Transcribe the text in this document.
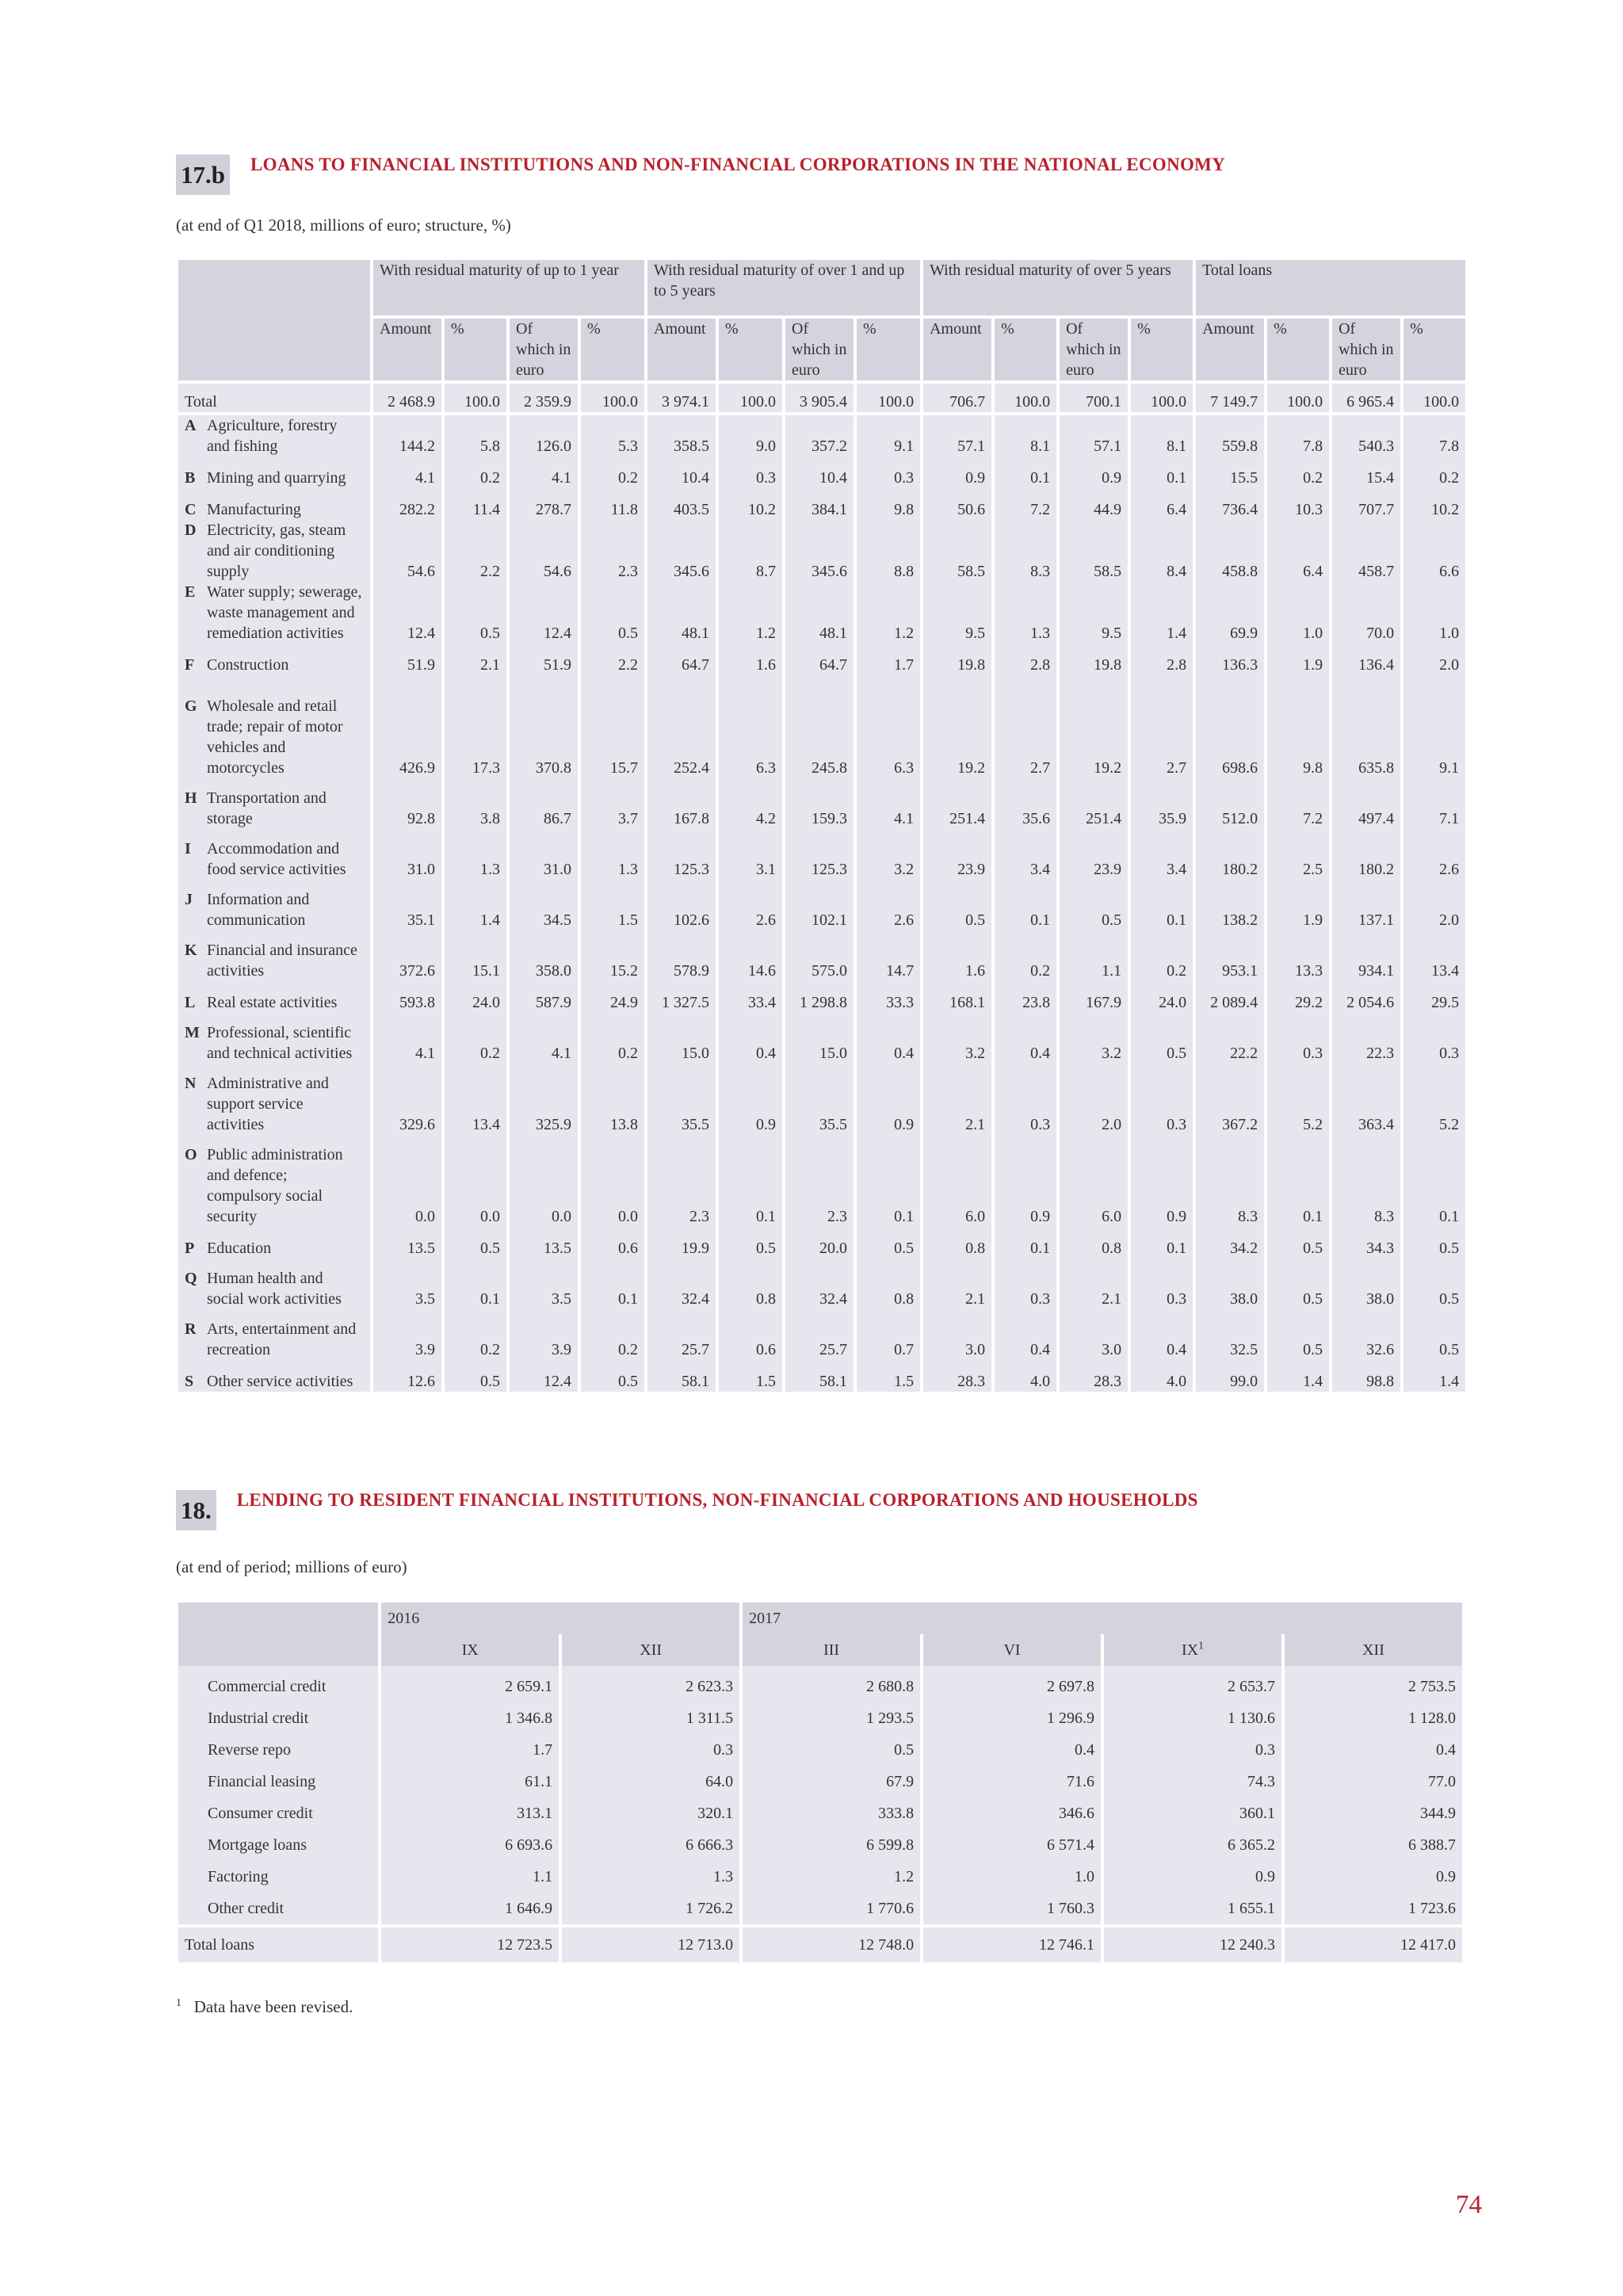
17.b LOANS TO FINANCIAL INSTITUTIONS AND NON-FINANCIAL CORPORATIONS IN THE NATIONAL ECONOMY
(at end of Q1 2018, millions of euro; structure, %)
	With residual maturity of up to 1 year				With residual maturity of over 1 and up to 5 years				With residual maturity of over 5 years				Total loans			
	Amount	%	Of which in euro	%	Amount	%	Of which in euro	%	Amount	%	Of which in euro	%	Amount	%	Of which in euro	%

Total	2 468.9	100.0	2 359.9	100.0	3 974.1	100.0	3 905.4	100.0	706.7	100.0	700.1	100.0	7 149.7	100.0	6 965.4	100.0

A Agriculture, forestry and fishing	144.2	5.8	126.0	5.3	358.5	9.0	357.2	9.1	57.1	8.1	57.1	8.1	559.8	7.8	540.3	7.8

B Mining and quarrying	4.1	0.2	4.1	0.2	10.4	0.3	10.4	0.3	0.9	0.1	0.9	0.1	15.5	0.2	15.4	0.2

C Manufacturing	282.2	11.4	278.7	11.8	403.5	10.2	384.1	9.8	50.6	7.2	44.9	6.4	736.4	10.3	707.7	10.2

D Electricity, gas, steam and air conditioning supply	54.6	2.2	54.6	2.3	345.6	8.7	345.6	8.8	58.5	8.3	58.5	8.4	458.8	6.4	458.7	6.6

E Water supply; sewerage, waste management and remediation activities	12.4	0.5	12.4	0.5	48.1	1.2	48.1	1.2	9.5	1.3	9.5	1.4	69.9	1.0	70.0	1.0

F Construction	51.9	2.1	51.9	2.2	64.7	1.6	64.7	1.7	19.8	2.8	19.8	2.8	136.3	1.9	136.4	2.0

G Wholesale and retail trade; repair of motor vehicles and motorcycles	426.9	17.3	370.8	15.7	252.4	6.3	245.8	6.3	19.2	2.7	19.2	2.7	698.6	9.8	635.8	9.1

H Transportation and storage	92.8	3.8	86.7	3.7	167.8	4.2	159.3	4.1	251.4	35.6	251.4	35.9	512.0	7.2	497.4	7.1

I Accommodation and food service activities	31.0	1.3	31.0	1.3	125.3	3.1	125.3	3.2	23.9	3.4	23.9	3.4	180.2	2.5	180.2	2.6

J Information and communication	35.1	1.4	34.5	1.5	102.6	2.6	102.1	2.6	0.5	0.1	0.5	0.1	138.2	1.9	137.1	2.0

K Financial and insurance activities	372.6	15.1	358.0	15.2	578.9	14.6	575.0	14.7	1.6	0.2	1.1	0.2	953.1	13.3	934.1	13.4

L Real estate activities	593.8	24.0	587.9	24.9	1 327.5	33.4	1 298.8	33.3	168.1	23.8	167.9	24.0	2 089.4	29.2	2 054.6	29.5

M Professional, scientific and technical activities	4.1	0.2	4.1	0.2	15.0	0.4	15.0	0.4	3.2	0.4	3.2	0.5	22.2	0.3	22.3	0.3

N Administrative and support service activities	329.6	13.4	325.9	13.8	35.5	0.9	35.5	0.9	2.1	0.3	2.0	0.3	367.2	5.2	363.4	5.2

O Public administration and defence; compulsory social security	0.0	0.0	0.0	0.0	2.3	0.1	2.3	0.1	6.0	0.9	6.0	0.9	8.3	0.1	8.3	0.1

P Education	13.5	0.5	13.5	0.6	19.9	0.5	20.0	0.5	0.8	0.1	0.8	0.1	34.2	0.5	34.3	0.5

Q Human health and social work activities	3.5	0.1	3.5	0.1	32.4	0.8	32.4	0.8	2.1	0.3	2.1	0.3	38.0	0.5	38.0	0.5

R Arts, entertainment and recreation	3.9	0.2	3.9	0.2	25.7	0.6	25.7	0.7	3.0	0.4	3.0	0.4	32.5	0.5	32.6	0.5

S Other service activities	12.6	0.5	12.4	0.5	58.1	1.5	58.1	1.5	28.3	4.0	28.3	4.0	99.0	1.4	98.8	1.4
18. LENDING TO RESIDENT FINANCIAL INSTITUTIONS, NON-FINANCIAL CORPORATIONS AND HOUSEHOLDS
(at end of period; millions of euro)
	2016		2017			
	IX	XII	III	VI	$IX^1$	XII
Commercial credit	2 659.1	2 623.3	2 680.8	2 697.8	2 653.7	2 753.5
Industrial credit	1 346.8	1 311.5	1 293.5	1 296.9	1 130.6	1 128.0
Reverse repo	1.7	0.3	0.5	0.4	0.3	0.4
Financial leasing	61.1	64.0	67.9	71.6	74.3	77.0
Consumer credit	313.1	320.1	333.8	346.6	360.1	344.9
Mortgage loans	6 693.6	6 666.3	6 599.8	6 571.4	6 365.2	6 388.7
Factoring	1.1	1.3	1.2	1.0	0.9	0.9
Other credit	1 646.9	1 726.2	1 770.6	1 760.3	1 655.1	1 723.6
Total loans	12 723.5	12 713.0	12 748.0	12 746.1	12 240.3	12 417.0
$^1$ Data have been revised.
74
